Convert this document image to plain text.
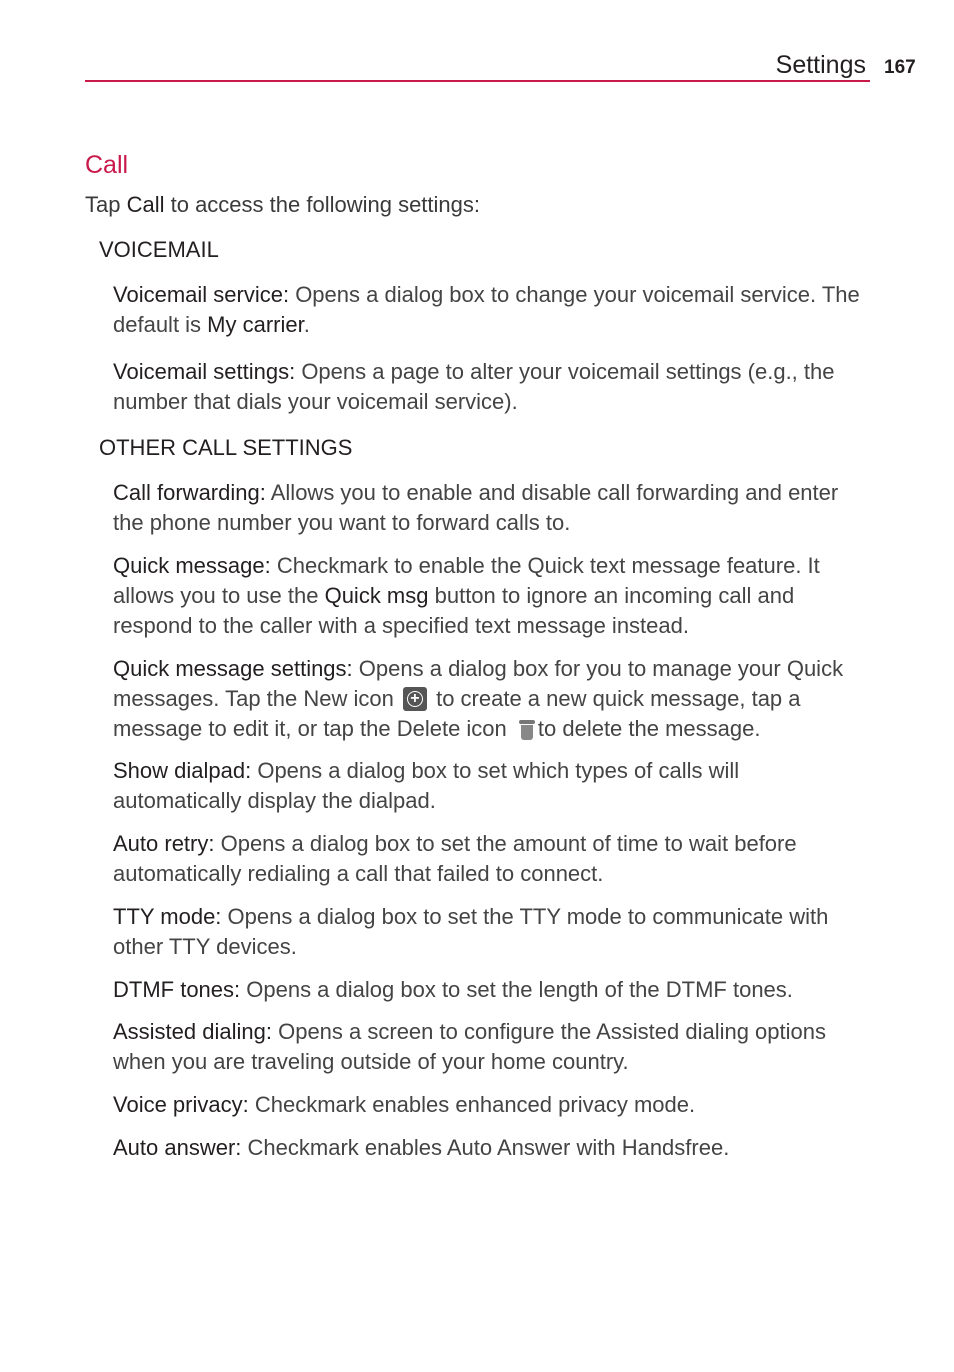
Settings 167
Call
Tap Call to access the following settings:
VOICEMAIL
Voicemail service: Opens a dialog box to change your voicemail service. The default is My carrier.
Voicemail settings: Opens a page to alter your voicemail settings (e.g., the number that dials your voicemail service).
OTHER CALL SETTINGS
Call forwarding: Allows you to enable and disable call forwarding and enter the phone number you want to forward calls to.
Quick message: Checkmark to enable the Quick text message feature. It allows you to use the Quick msg button to ignore an incoming call and respond to the caller with a specified text message instead.
Quick message settings: Opens a dialog box for you to manage your Quick messages. Tap the New icon + to create a new quick message, tap a message to edit it, or tap the Delete icon to delete the message.
Show dialpad: Opens a dialog box to set which types of calls will automatically display the dialpad.
Auto retry: Opens a dialog box to set the amount of time to wait before automatically redialing a call that failed to connect.
TTY mode: Opens a dialog box to set the TTY mode to communicate with other TTY devices.
DTMF tones: Opens a dialog box to set the length of the DTMF tones.
Assisted dialing: Opens a screen to configure the Assisted dialing options when you are traveling outside of your home country.
Voice privacy: Checkmark enables enhanced privacy mode.
Auto answer: Checkmark enables Auto Answer with Handsfree.
